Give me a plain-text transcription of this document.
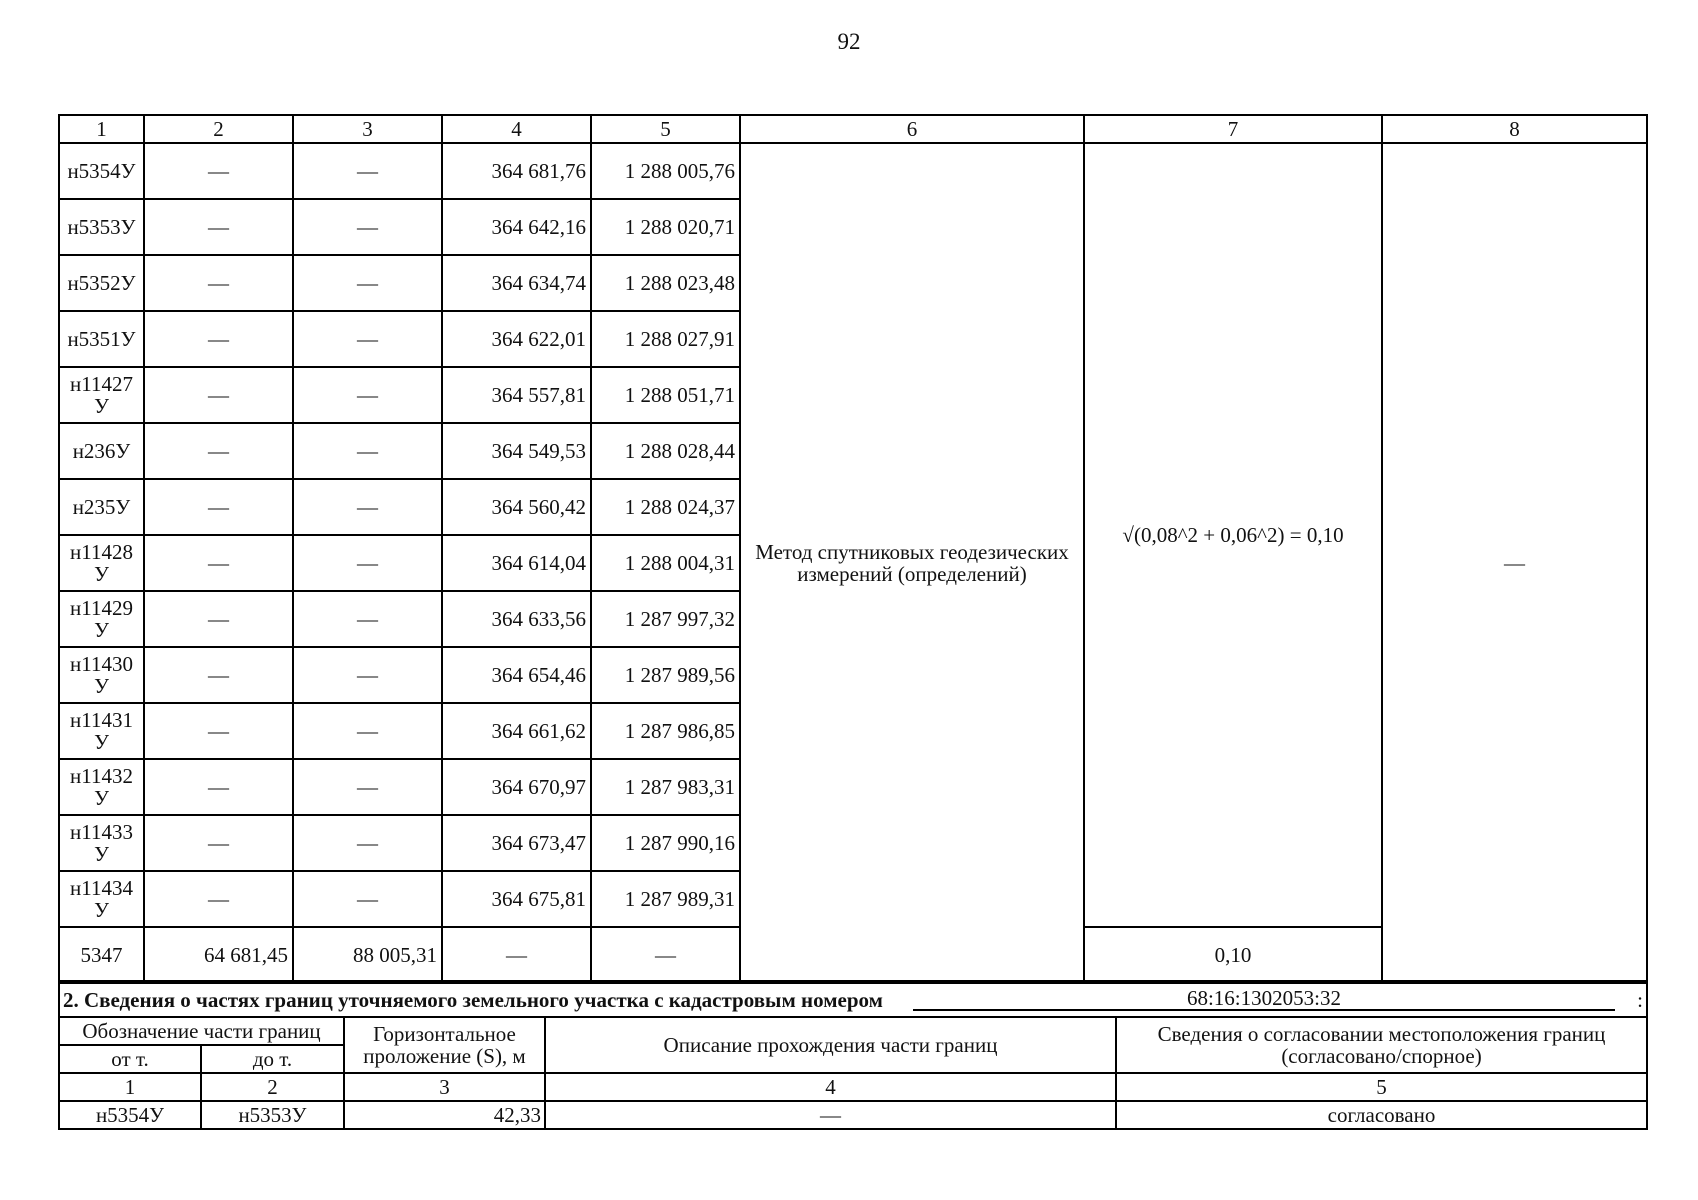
92
1	2	3	4	5	6	7	8
н5354У	—	—	364 681,76	1 288 005,76	Метод спутниковых геодезических измерений (определений)	√(0,08^2 + 0,06^2) = 0,10	—
н5353У	—	—	364 642,16	1 288 020,71			
н5352У	—	—	364 634,74	1 288 023,48			
н5351У	—	—	364 622,01	1 288 027,91			
н11427 У	—	—	364 557,81	1 288 051,71			
н236У	—	—	364 549,53	1 288 028,44			
н235У	—	—	364 560,42	1 288 024,37			
н11428 У	—	—	364 614,04	1 288 004,31			
н11429 У	—	—	364 633,56	1 287 997,32			
н11430 У	—	—	364 654,46	1 287 989,56			
н11431 У	—	—	364 661,62	1 287 986,85			
н11432 У	—	—	364 670,97	1 287 983,31			
н11433 У	—	—	364 673,47	1 287 990,16			
н11434 У	—	—	364 675,81	1 287 989,31			
5347	64 681,45	88 005,31	—	—		0,10	
2. Сведения о частях границ уточняемого земельного участка с кадастровым номером 68:16:1302053:32 :				

Обозначение части границ		Горизонтальное проложение (S), м	Описание прохождения части границ	Сведения о согласовании местоположения границ (согласовано/спорное)
от т.	до т.			
1	2	3	4	5
н5354У	н5353У	42,33	—	согласовано
